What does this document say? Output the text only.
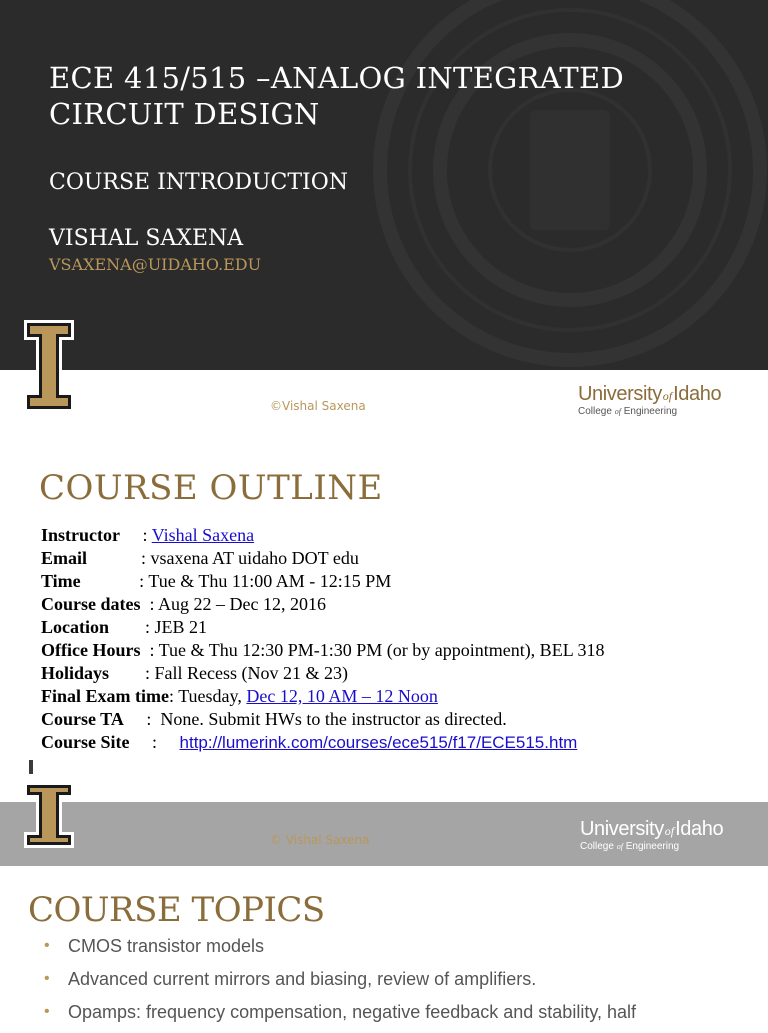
ECE 415/515 –ANALOG INTEGRATED
CIRCUIT DESIGN
COURSE INTRODUCTION
VISHAL SAXENA
VSAXENA@UIDAHO.EDU
©Vishal Saxena
UniversityofIdaho
College of Engineering
COURSE OUTLINE
Instructor     : Vishal Saxena
Email            : vsaxena AT uidaho DOT edu
Time             : Tue & Thu 11:00 AM - 12:15 PM
Course dates  : Aug 22 – Dec 12, 2016
Location        : JEB 21
Office Hours  : Tue & Thu 12:30 PM-1:30 PM (or by appointment), BEL 318
Holidays        : Fall Recess (Nov 21 & 23)
Final Exam time: Tuesday, Dec 12, 10 AM – 12 Noon
Course TA     :  None. Submit HWs to the instructor as directed.
Course Site     :     http://lumerink.com/courses/ece515/f17/ECE515.htm
© Vishal Saxena	UniversityofIdaho
College of Engineering
COURSE TOPICS
• CMOS transistor models
• Advanced current mirrors and biasing, review of amplifiers.
• Opamps: frequency compensation, negative feedback and stability, half
